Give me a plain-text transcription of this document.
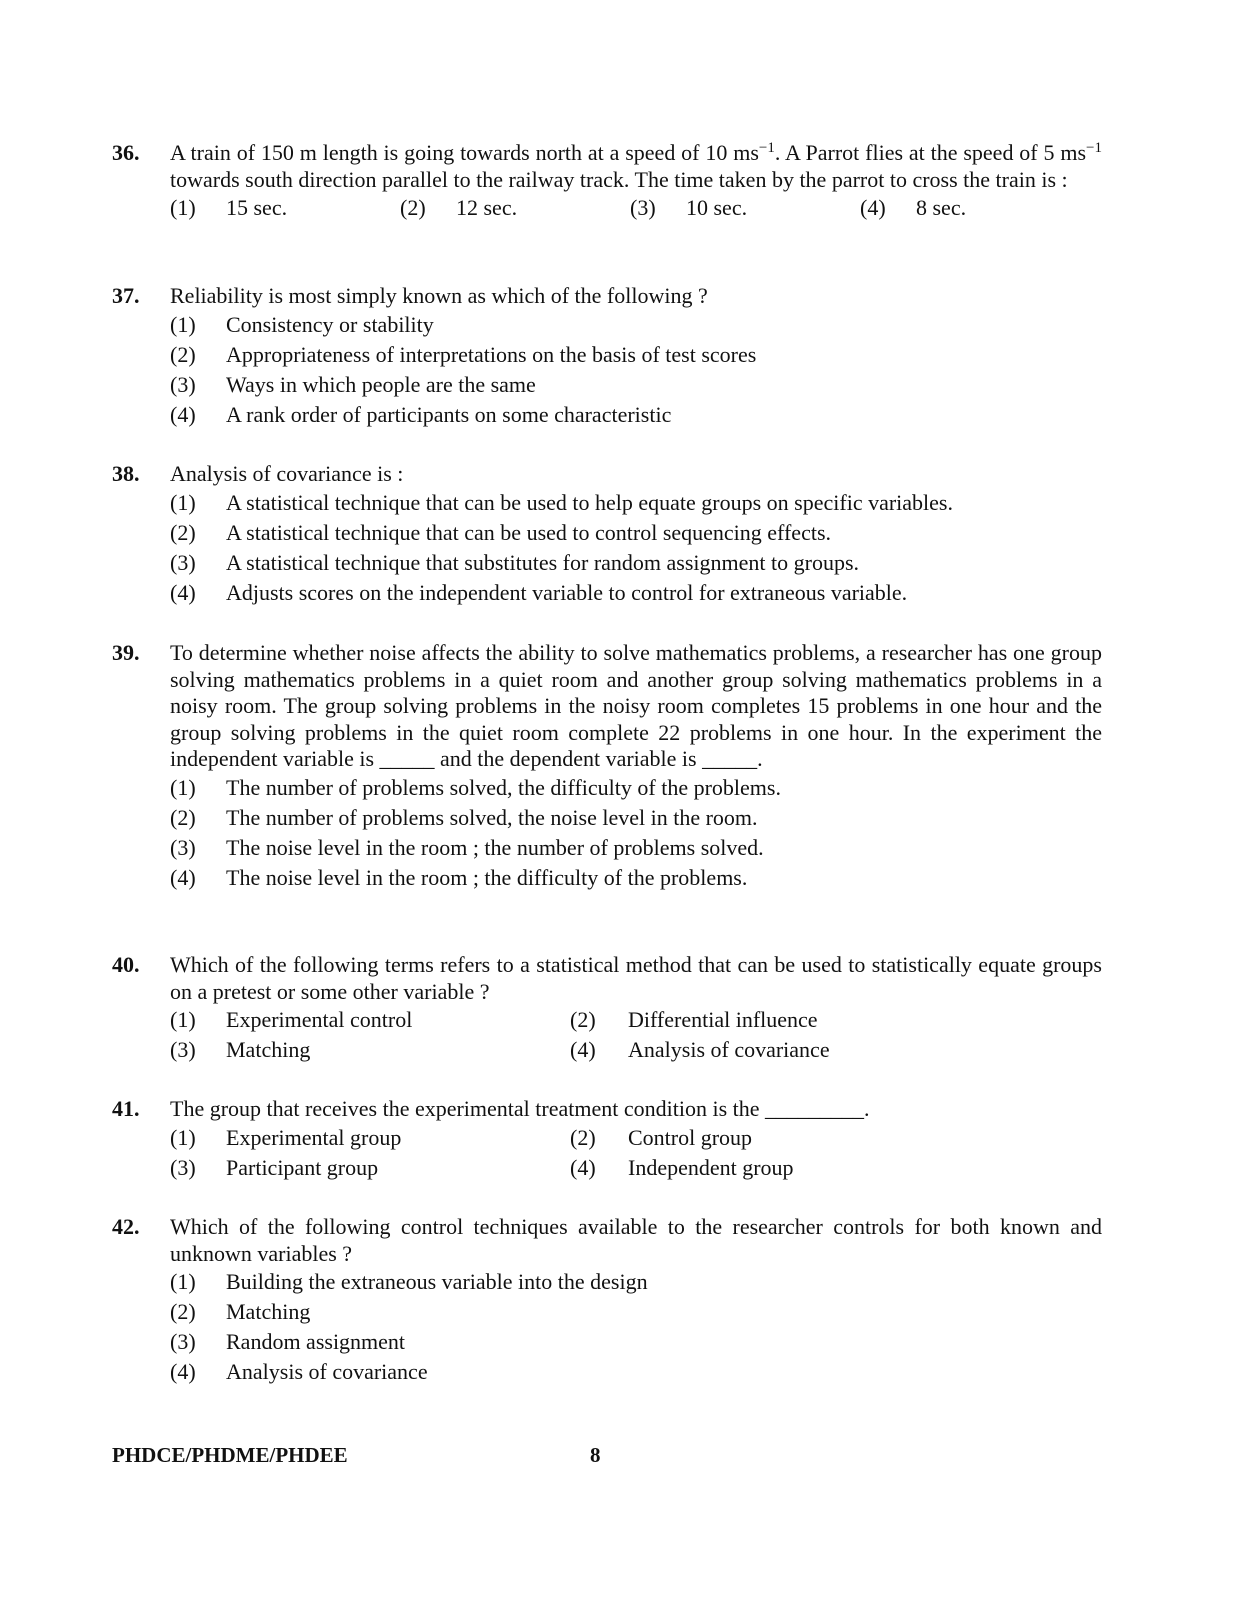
36. A train of 150 m length is going towards north at a speed of 10 $ms^{-1}$. A Parrot flies at the speed of 5 $ms^{-1}$ towards south direction parallel to the railway track. The time taken by the parrot to cross the train is :
(1) 15 sec.	(2) 12 sec.	(3) 10 sec.	(4) 8 sec.
37. Reliability is most simply known as which of the following ?
(1) Consistency or stability
(2) Appropriateness of interpretations on the basis of test scores
(3) Ways in which people are the same
(4) A rank order of participants on some characteristic
38. Analysis of covariance is :
(1) A statistical technique that can be used to help equate groups on specific variables.
(2) A statistical technique that can be used to control sequencing effects.
(3) A statistical technique that substitutes for random assignment to groups.
(4) Adjusts scores on the independent variable to control for extraneous variable.
39. To determine whether noise affects the ability to solve mathematics problems, a researcher has one group solving mathematics problems in a quiet room and another group solving mathematics problems in a noisy room. The group solving problems in the noisy room completes 15 problems in one hour and the group solving problems in the quiet room complete 22 problems in one hour. In the experiment the independent variable is _____ and the dependent variable is _____.
(1) The number of problems solved, the difficulty of the problems.
(2) The number of problems solved, the noise level in the room.
(3) The noise level in the room ; the number of problems solved.
(4) The noise level in the room ; the difficulty of the problems.
40. Which of the following terms refers to a statistical method that can be used to statistically equate groups on a pretest or some other variable ?
(1) Experimental control	(2) Differential influence
(3) Matching	(4) Analysis of covariance
41. The group that receives the experimental treatment condition is the _________.
(1) Experimental group	(2) Control group
(3) Participant group	(4) Independent group
42. Which of the following control techniques available to the researcher controls for both known and unknown variables ?
(1) Building the extraneous variable into the design
(2) Matching
(3) Random assignment
(4) Analysis of covariance
PHDCE/PHDME/PHDEE	8
